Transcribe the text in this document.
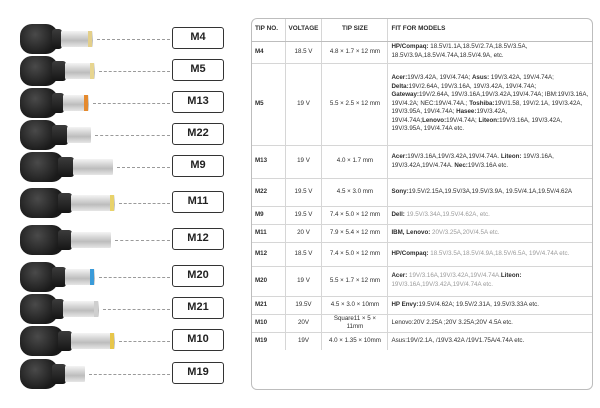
M4
M5
M13
M22
M9
M11
M12
M20
M21
M10
M19
TIP NO.	VOLTAGE	TIP SIZE	FIT FOR MODELS
M4	18.5 V	4.8 × 1.7 × 12 mm	HP/Compaq: 18.5V/1.1A,18.5V/2.7A,18.5V/3.5A, 18.5V/3.9A,18.5V/4.74A,18.5V/4.9A, etc.
M5	19 V	5.5 × 2.5 × 12 mm	Acer:19V/3.42A, 19V/4.74A; Asus: 19V/3.42A, 19V/4.74A; Delta:19V/2.64A, 19V/3.16A, 19V/3.42A, 19V/4.74A; Gateway:19V/2.64A, 19V/3.16A,19V/3.42A,19V/4.74A; IBM:19V/3.16A, 19V/4.2A; NEC:19V/4.74A.; Toshiba:19V/1.58, 19V/2.1A, 19V/3.42A, 19V/3.95A, 19V/4.74A; Hasee:19V/3.42A, 19V/4.74A;Lenovo:19V/4.74A; Liteon:19V/3.16A, 19V/3.42A, 19V/3.95A, 19V/4.74A etc.
M13	19 V	4.0 × 1.7 mm	Acer:19V/3.16A,19V/3.42A,19V/4.74A. Liteon: 19V/3.16A, 19V/3.42A,19V/4.74A. Nec:19V/3.16A etc.
M22	19.5 V	4.5 × 3.0 mm	Sony:19.5V/2.15A,19.5V/3A,19.5V/3.9A, 19.5V/4.1A,19.5V/4.62A
M9	19.5 V	7.4 × 5.0 × 12 mm	Dell: 19.5V/3.34A,19.5V/4.62A, etc.
M11	20 V	7.9 × 5.4 × 12 mm	IBM, Lenovo: 20V/3.25A,20V/4.5A etc.
M12	18.5 V	7.4 × 5.0 × 12 mm	HP/Compaq: 18.5V/3.5A,18.5V/4.9A,18.5V/6.5A, 19V/4.74A etc.
M20	19 V	5.5 × 1.7 × 12 mm	Acer: 19V/3.16A,19V/3.42A,19V/4.74A.Liteon: 19V/3.16A,19V/3.42A,19V/4.74A etc.
M21	19.5V	4.5 × 3.0 × 10mm	HP Envy:19.5V/4.62A; 19.5V/2.31A, 19.5V/3.33A etc.
M10	20V	Square11 × 5 × 11mm	Lenovo:20V 2.25A ;20V 3.25A;20V 4.5A etc.
M19	19V	4.0 × 1.35 × 10mm	Asus:19V/2.1A, /19V3.42A /19V1.75A/4.74A etc.
